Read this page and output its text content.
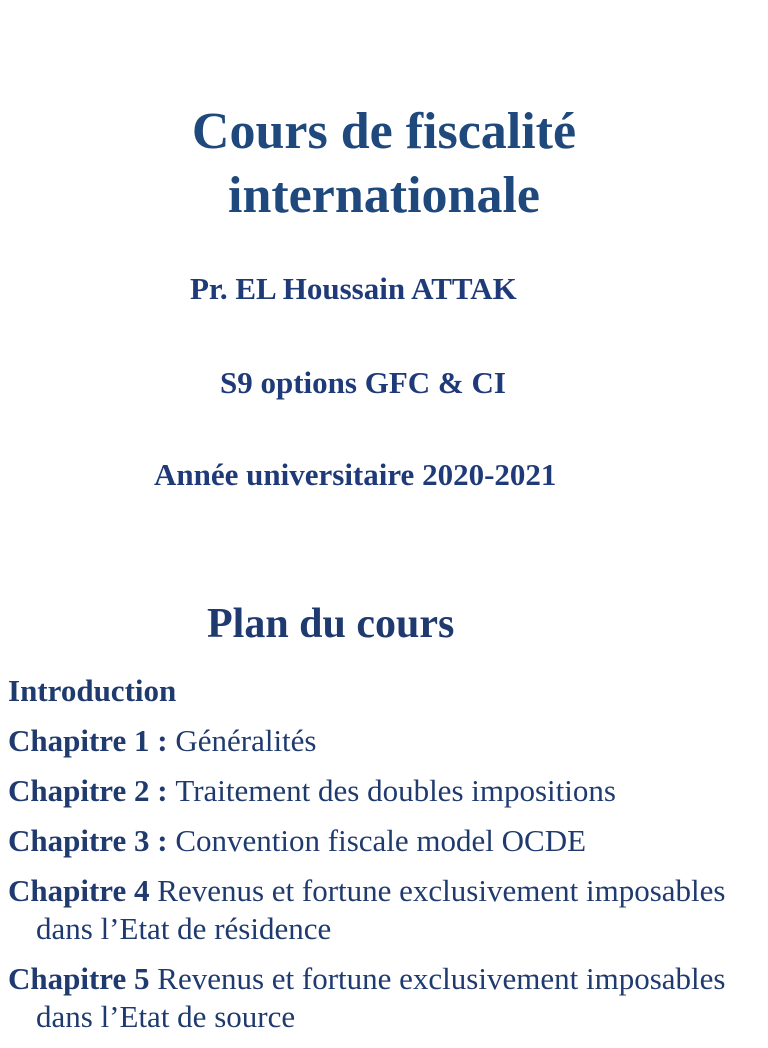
Cours de fiscalité
internationale
Pr. EL Houssain ATTAK
S9 options GFC & CI
Année universitaire 2020-2021
Plan du cours
Introduction
Chapitre 1 : Généralités
Chapitre 2 : Traitement des doubles impositions
Chapitre 3 : Convention fiscale model OCDE
Chapitre 4 Revenus et fortune exclusivement imposables dans l’Etat de résidence
Chapitre 5 Revenus et fortune exclusivement imposables dans l’Etat de source
